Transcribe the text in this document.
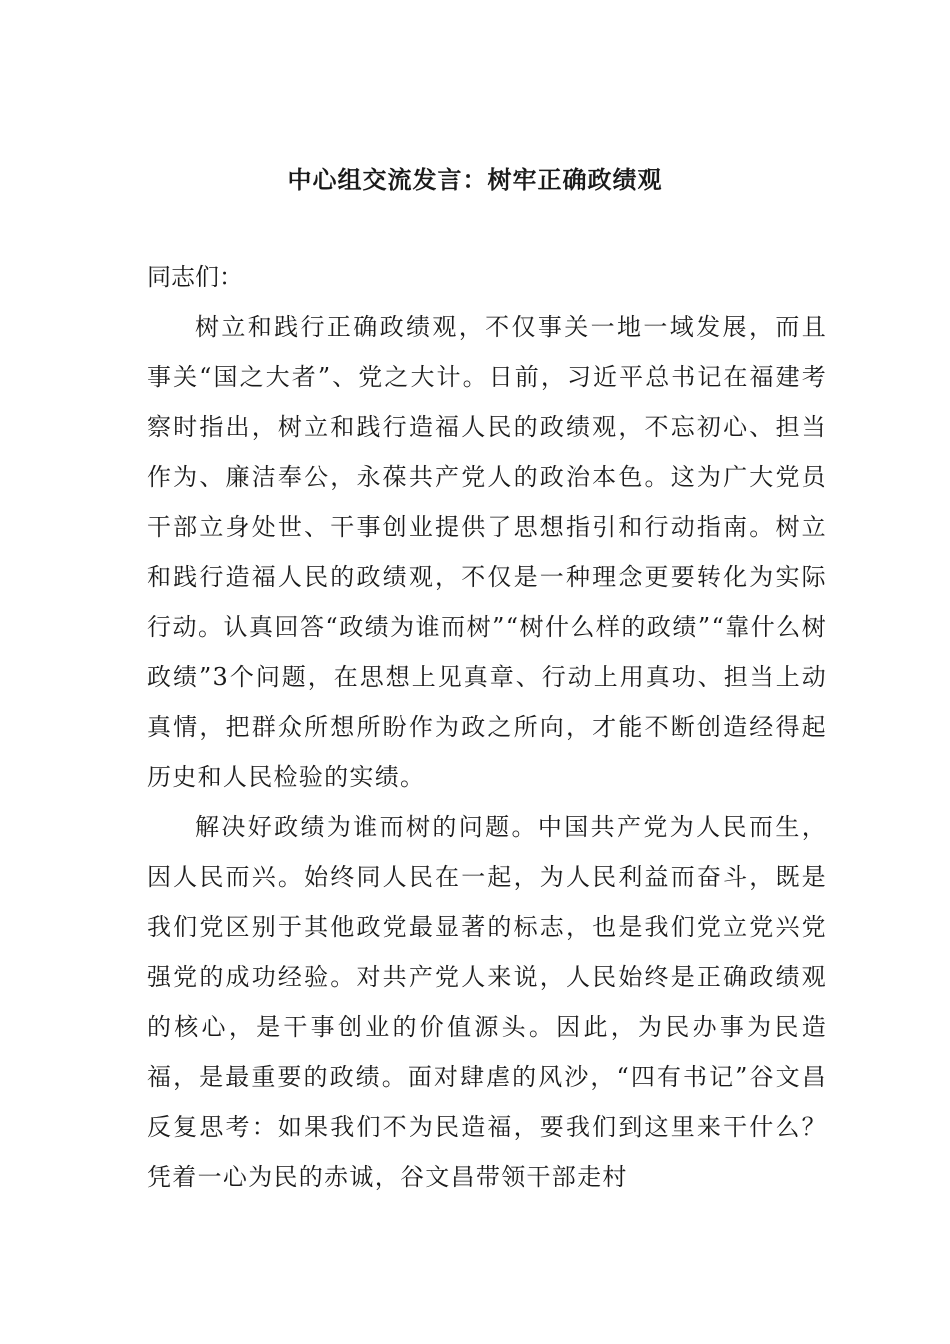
中心组交流发言：树牢正确政绩观

同志们：

树立和践行正确政绩观，不仅事关一地一域发展，而且事关“国之大者”、党之大计。日前，习近平总书记在福建考察时指出，树立和践行造福人民的政绩观，不忘初心、担当作为、廉洁奉公，永葆共产党人的政治本色。这为广大党员干部立身处世、干事创业提供了思想指引和行动指南。树立和践行造福人民的政绩观，不仅是一种理念更要转化为实际行动。认真回答“政绩为谁而树”“树什么样的政绩”“靠什么树政绩”3个问题，在思想上见真章、行动上用真功、担当上动真情，把群众所想所盼作为政之所向，才能不断创造经得起历史和人民检验的实绩。

解决好政绩为谁而树的问题。中国共产党为人民而生，因人民而兴。始终同人民在一起，为人民利益而奋斗，既是我们党区别于其他政党最显著的标志，也是我们党立党兴党强党的成功经验。对共产党人来说，人民始终是正确政绩观的核心，是干事创业的价值源头。因此，为民办事为民造福，是最重要的政绩。面对肆虐的风沙，“四有书记”谷文昌反复思考：如果我们不为民造福，要我们到这里来干什么？凭着一心为民的赤诚，谷文昌带领干部走村
